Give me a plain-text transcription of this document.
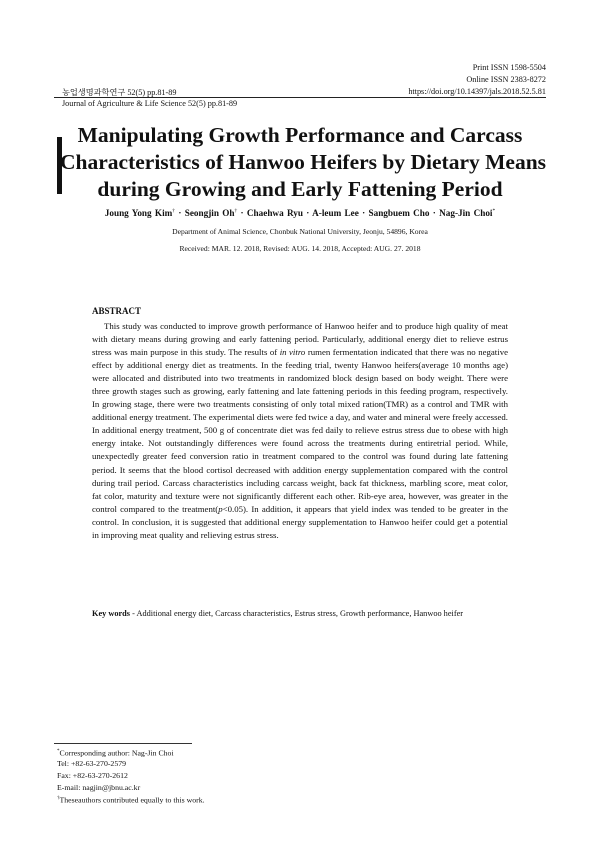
Print ISSN 1598-5504
Online ISSN 2383-8272
농업생명과학연구 52(5) pp.81-89	https://doi.org/10.14397/jals.2018.52.5.81
Journal of Agriculture & Life Science 52(5) pp.81-89
Manipulating Growth Performance and Carcass
Characteristics of Hanwoo Heifers by Dietary Means
during Growing and Early Fattening Period
Joung Yong Kim† · Seongjin Oh† · Chaehwa Ryu · A-leum Lee · Sangbuem Cho · Nag-Jin Choi*
Department of Animal Science, Chonbuk National University, Jeonju, 54896, Korea
Received: MAR. 12. 2018, Revised: AUG. 14. 2018, Accepted: AUG. 27. 2018
ABSTRACT

This study was conducted to improve growth performance of Hanwoo heifer and to produce high quality of meat with dietary means during growing and early fattening period. Particularly, additional energy diet to relieve estrus stress was main purpose in this study. The results of in vitro rumen fermentation indicated that there was no negative effect by additional energy diet as treatments. In the feeding trial, twenty Hanwoo heifers(average 10 months age) were allocated and distributed into two treatments in randomized block design based on body weight. There were three growth stages such as growing, early fattening and late fattening periods in this feeding program, respectively. In growing stage, there were two treatments consisting of only total mixed ration(TMR) as a control and TMR with additional energy treatment. The experimental diets were fed twice a day, and water and mineral were freely accessed. In additional energy treatment, 500 g of concentrate diet was fed daily to relieve estrus stress due to obese with high energy intake. Not outstandingly differences were found across the treatments during entiretrial period. While, unexpectedly greater feed conversion ratio in treatment compared to the control was found during late fattening period. It seems that the blood cortisol decreased with addition energy supplementation compared with the control during trail period. Carcass characteristics including carcass weight, back fat thickness, marbling score, meat color, fat color, maturity and texture were not significantly different each other. Rib-eye area, however, was greater in the control compared to the treatment(p<0.05). In addition, it appears that yield index was tended to be greater in the control. In conclusion, it is suggested that additional energy supplementation to Hanwoo heifer could get a potential in improving meat quality and relieving estrus stress.

Key words - Additional energy diet, Carcass characteristics, Estrus stress, Growth performance, Hanwoo heifer
*Corresponding author: Nag-Jin Choi
Tel: +82-63-270-2579
Fax: +82-63-270-2612
E-mail: nagjin@jbnu.ac.kr
†Theseauthors contributed equally to this work.
